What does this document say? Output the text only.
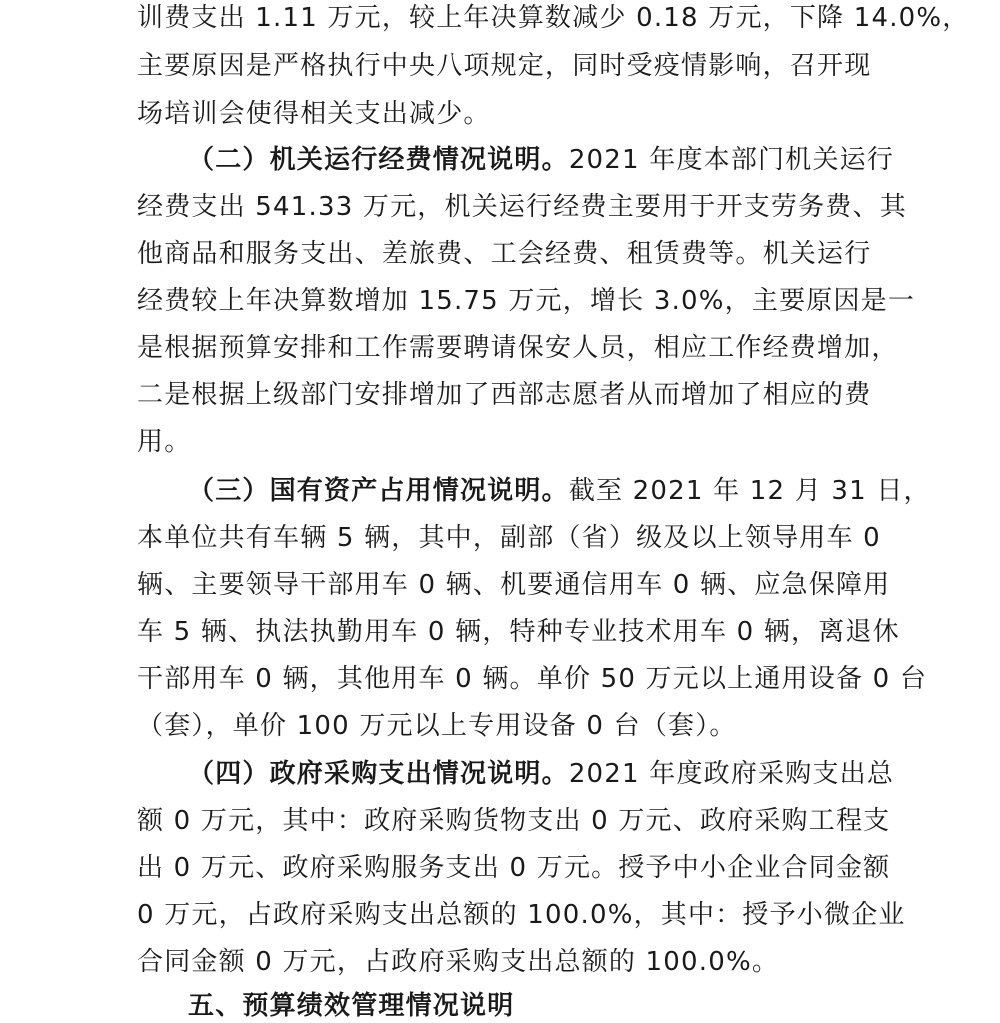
训费支出 1.11 万元，较上年决算数减少 0.18 万元，下降 14.0%，
主要原因是严格执行中央八项规定，同时受疫情影响，召开现
场培训会使得相关支出减少。
（二）机关运行经费情况说明。2021 年度本部门机关运行
经费支出 541.33 万元，机关运行经费主要用于开支劳务费、其
他商品和服务支出、差旅费、工会经费、租赁费等。机关运行
经费较上年决算数增加 15.75 万元，增长 3.0%，主要原因是一
是根据预算安排和工作需要聘请保安人员，相应工作经费增加，
二是根据上级部门安排增加了西部志愿者从而增加了相应的费
用。
（三）国有资产占用情况说明。截至 2021 年 12 月 31 日，
本单位共有车辆 5 辆，其中，副部（省）级及以上领导用车 0
辆、主要领导干部用车 0 辆、机要通信用车 0 辆、应急保障用
车 5 辆、执法执勤用车 0 辆，特种专业技术用车 0 辆，离退休
干部用车 0 辆，其他用车 0 辆。单价 50 万元以上通用设备 0 台
（套），单价 100 万元以上专用设备 0 台（套）。
（四）政府采购支出情况说明。2021 年度政府采购支出总
额 0 万元，其中：政府采购货物支出 0 万元、政府采购工程支
出 0 万元、政府采购服务支出 0 万元。授予中小企业合同金额
0 万元，占政府采购支出总额的 100.0%，其中：授予小微企业
合同金额 0 万元，占政府采购支出总额的 100.0%。
五、预算绩效管理情况说明
